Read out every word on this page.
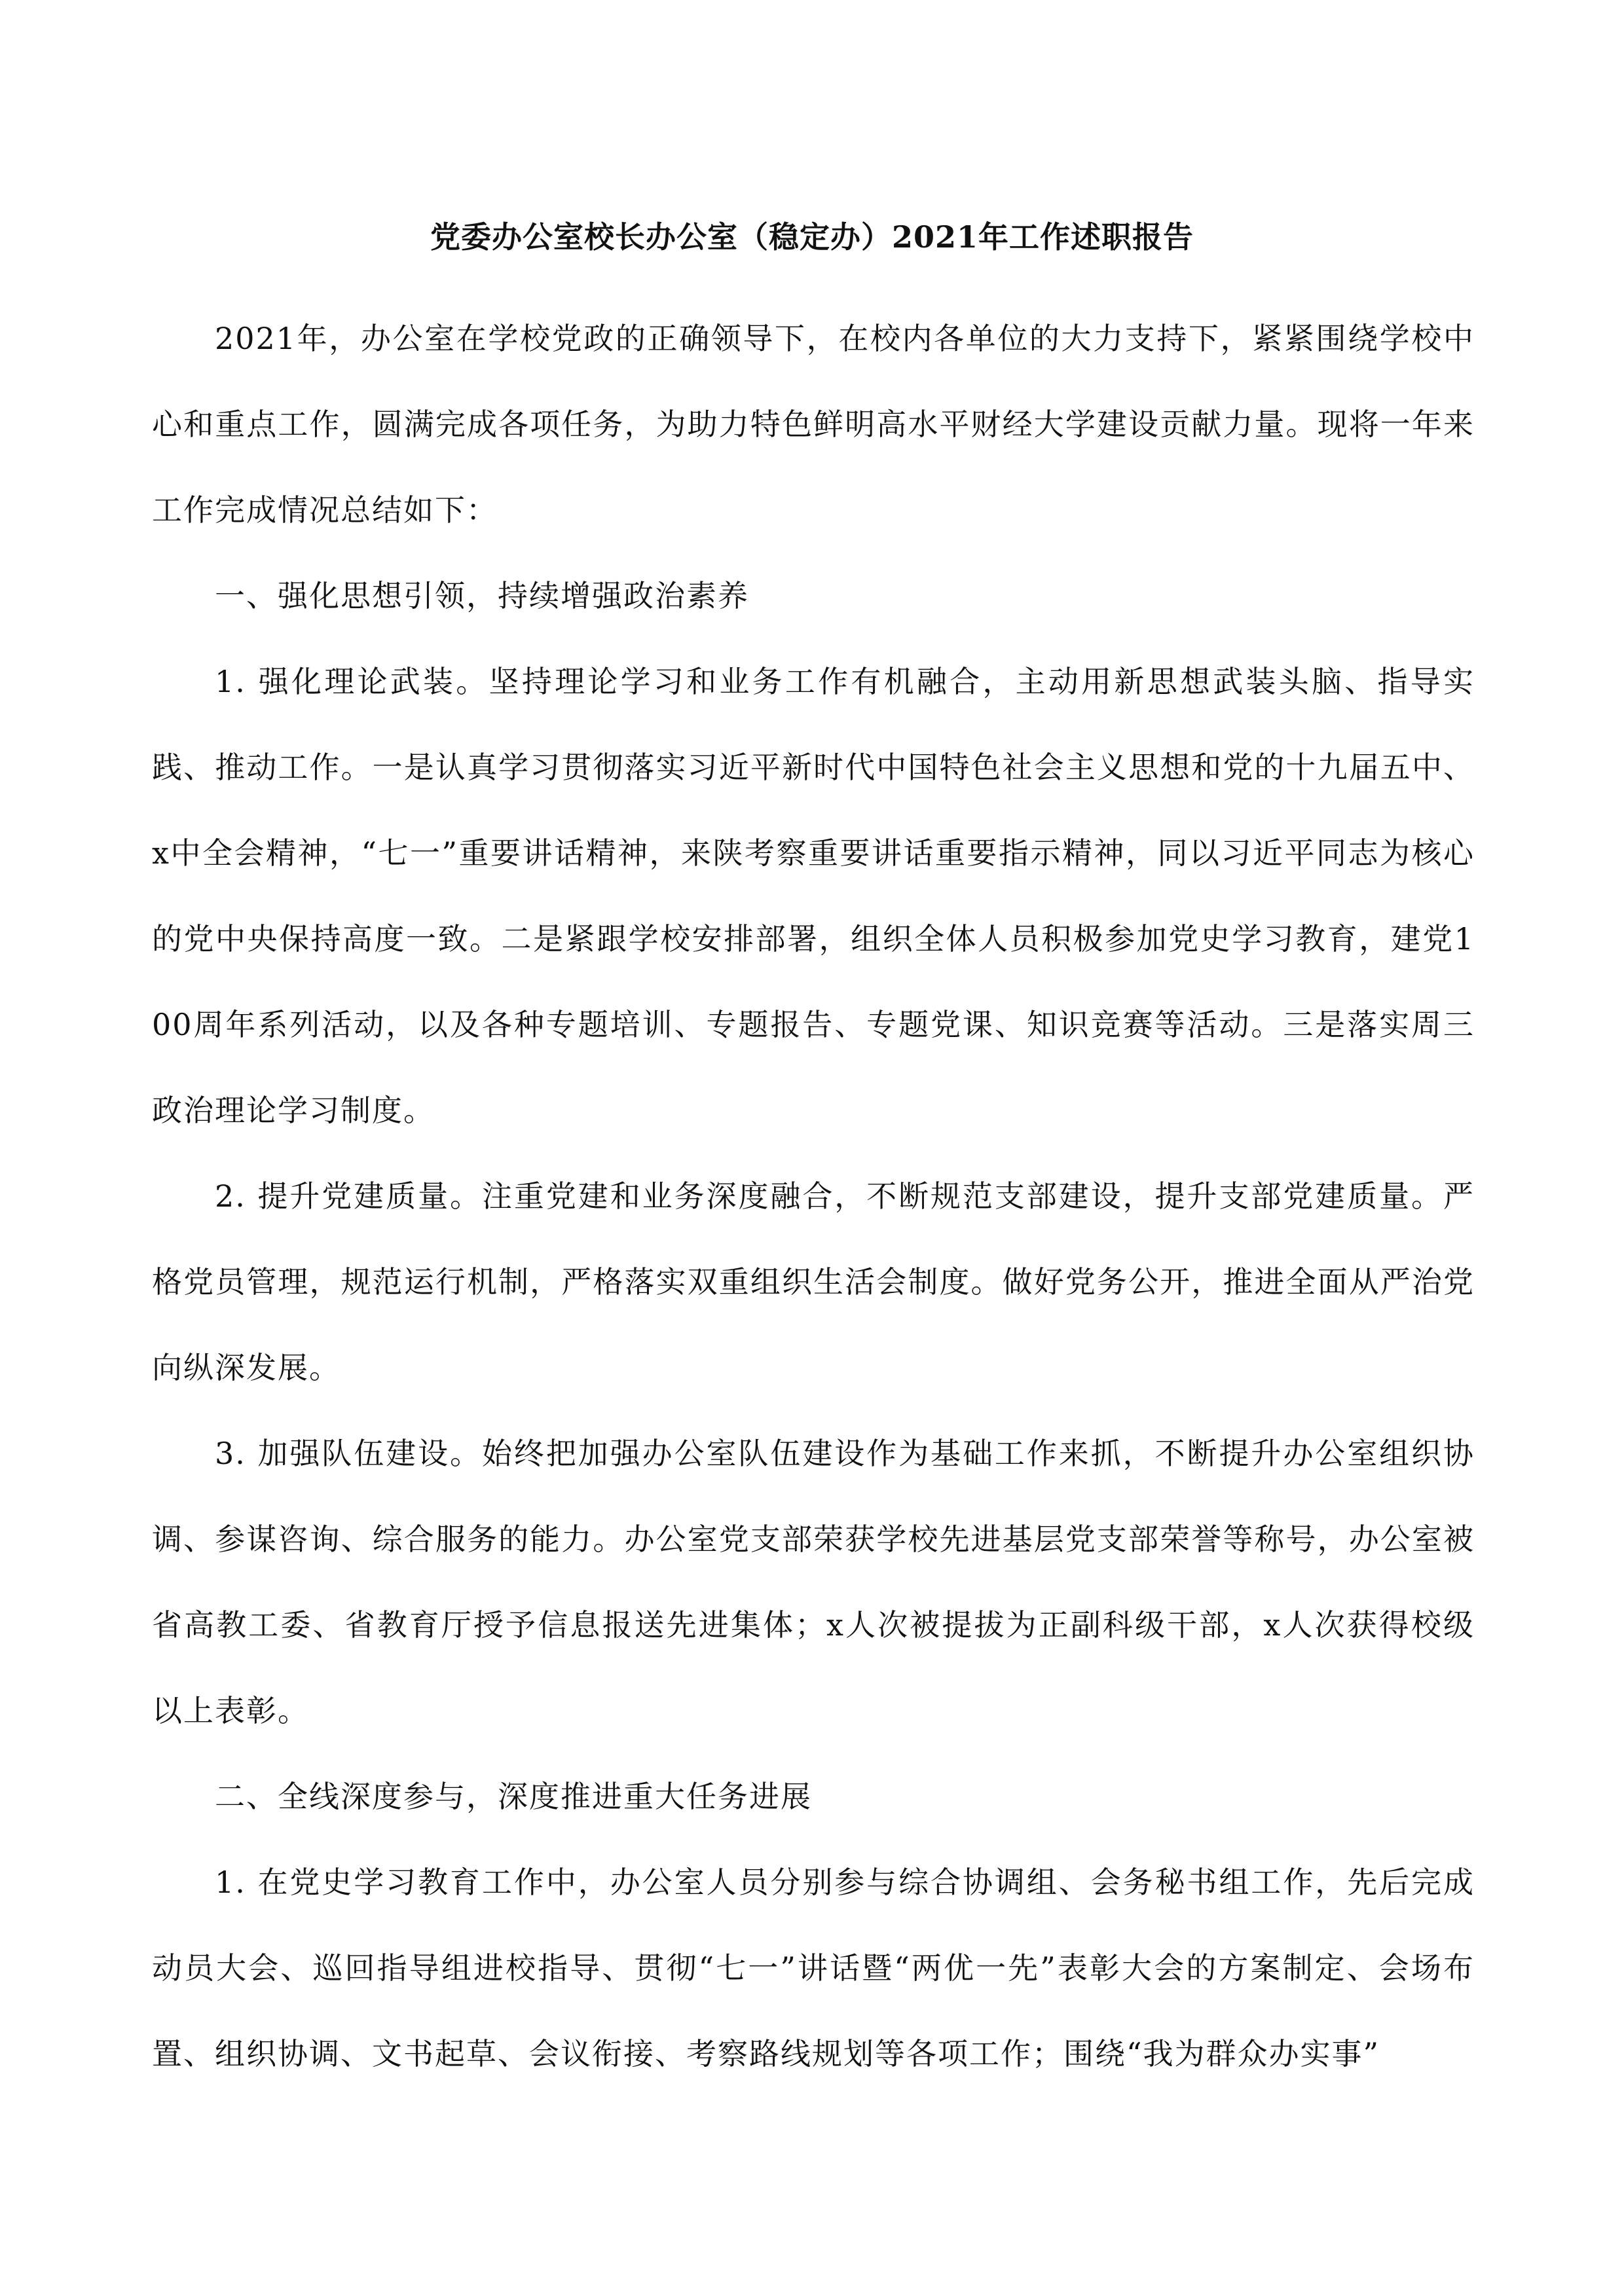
党委办公室校长办公室（稳定办）2021年工作述职报告

2021年，办公室在学校党政的正确领导下，在校内各单位的大力支持下，紧紧围绕学校中心和重点工作，圆满完成各项任务，为助力特色鲜明高水平财经大学建设贡献力量。现将一年来工作完成情况总结如下：

一、强化思想引领，持续增强政治素养

1. 强化理论武装。坚持理论学习和业务工作有机融合，主动用新思想武装头脑、指导实践、推动工作。一是认真学习贯彻落实习近平新时代中国特色社会主义思想和党的十九届五中、x中全会精神，“七一”重要讲话精神，来陕考察重要讲话重要指示精神，同以习近平同志为核心的党中央保持高度一致。二是紧跟学校安排部署，组织全体人员积极参加党史学习教育，建党100周年系列活动，以及各种专题培训、专题报告、专题党课、知识竞赛等活动。三是落实周三政治理论学习制度。

2. 提升党建质量。注重党建和业务深度融合，不断规范支部建设，提升支部党建质量。严格党员管理，规范运行机制，严格落实双重组织生活会制度。做好党务公开，推进全面从严治党向纵深发展。

3. 加强队伍建设。始终把加强办公室队伍建设作为基础工作来抓，不断提升办公室组织协调、参谋咨询、综合服务的能力。办公室党支部荣获学校先进基层党支部荣誉等称号，办公室被省高教工委、省教育厅授予信息报送先进集体；x人次被提拔为正副科级干部，x人次获得校级以上表彰。

二、全线深度参与，深度推进重大任务进展

1. 在党史学习教育工作中，办公室人员分别参与综合协调组、会务秘书组工作，先后完成动员大会、巡回指导组进校指导、贯彻“七一”讲话暨“两优一先”表彰大会的方案制定、会场布置、组织协调、文书起草、会议衔接、考察路线规划等各项工作；围绕“我为群众办实事”
